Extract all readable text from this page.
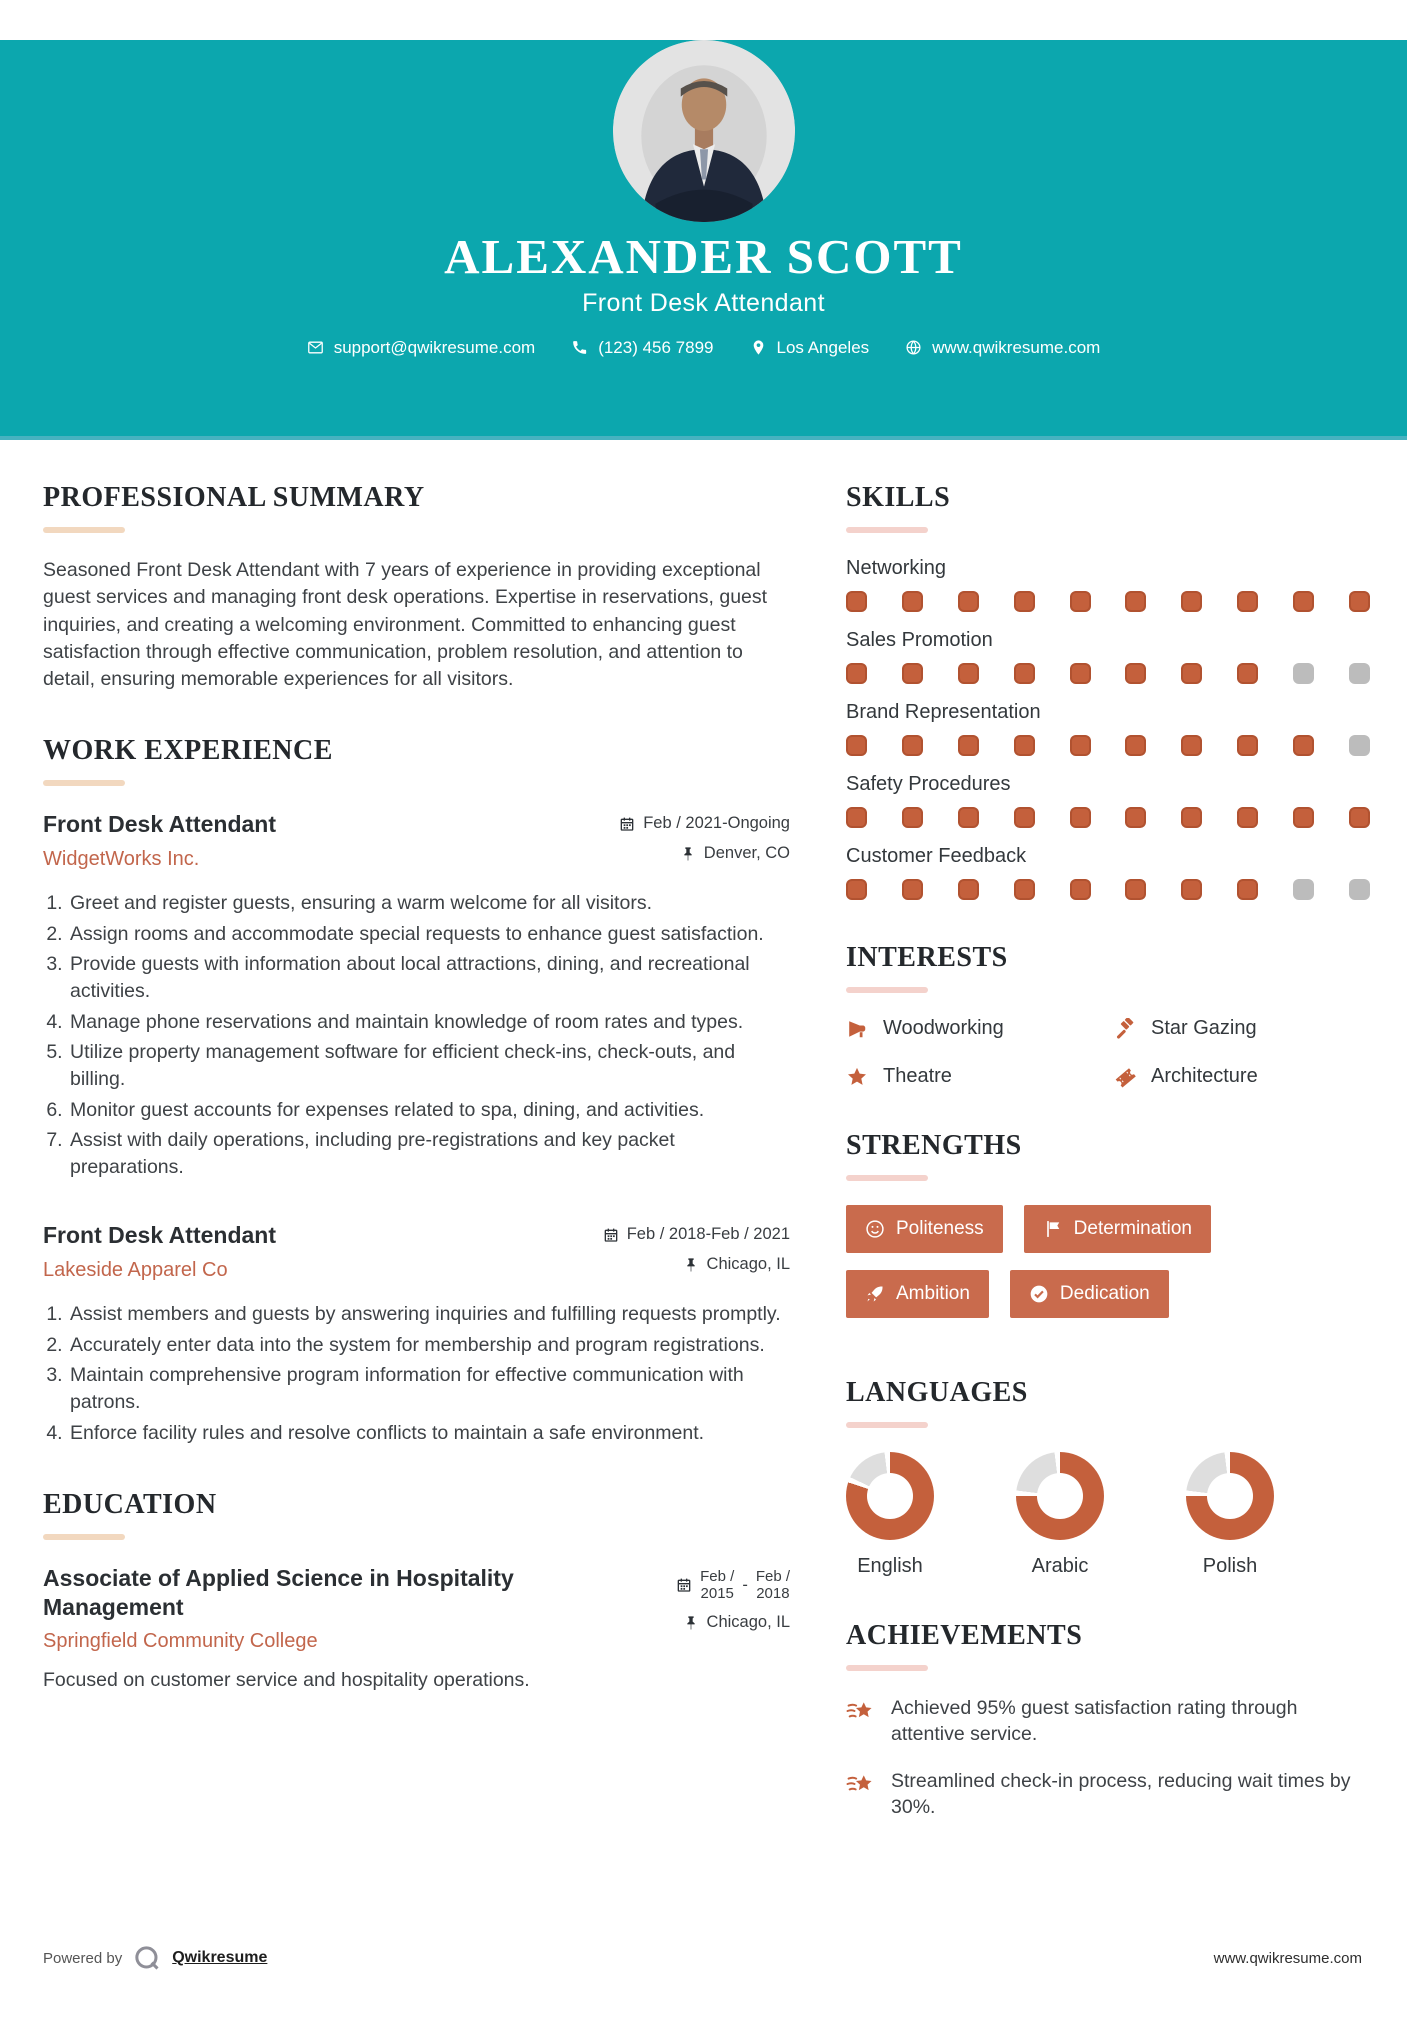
ALEXANDER SCOTT
Front Desk Attendant
support@qwikresume.com	(123) 456 7899	Los Angeles	www.qwikresume.com
PROFESSIONAL SUMMARY

Seasoned Front Desk Attendant with 7 years of experience in providing exceptional guest services and managing front desk operations. Expertise in reservations, guest inquiries, and creating a welcoming environment. Committed to enhancing guest satisfaction through effective communication, problem resolution, and attention to detail, ensuring memorable experiences for all visitors.

WORK EXPERIENCE
Front Desk Attendant
WidgetWorks Inc.
Feb / 2021-Ongoing
Denver, CO
1. Greet and register guests, ensuring a warm welcome for all visitors.
2. Assign rooms and accommodate special requests to enhance guest satisfaction.
3. Provide guests with information about local attractions, dining, and recreational activities.
4. Manage phone reservations and maintain knowledge of room rates and types.
5. Utilize property management software for efficient check-ins, check-outs, and billing.
6. Monitor guest accounts for expenses related to spa, dining, and activities.
7. Assist with daily operations, including pre-registrations and key packet preparations.
Front Desk Attendant
Lakeside Apparel Co
Feb / 2018-Feb / 2021
Chicago, IL
1. Assist members and guests by answering inquiries and fulfilling requests promptly.
2. Accurately enter data into the system for membership and program registrations.
3. Maintain comprehensive program information for effective communication with patrons.
4. Enforce facility rules and resolve conflicts to maintain a safe environment.
EDUCATION
Associate of Applied Science in Hospitality Management
Springfield Community College
Feb /
2015 - Feb /
2018
Chicago, IL

Focused on customer service and hospitality operations.

SKILLS
Networking
Sales Promotion
Brand Representation
Safety Procedures
Customer Feedback
INTERESTS
Woodworking	Star Gazing
Theatre	Architecture
STRENGTHS
Politeness	Determination
Ambition	Dedication
LANGUAGES
English	Arabic	Polish
ACHIEVEMENTS

Achieved 95% guest satisfaction rating through attentive service.

Streamlined check-in process, reducing wait times by 30%.

Powered by	Qwikresume	www.qwikresume.com
